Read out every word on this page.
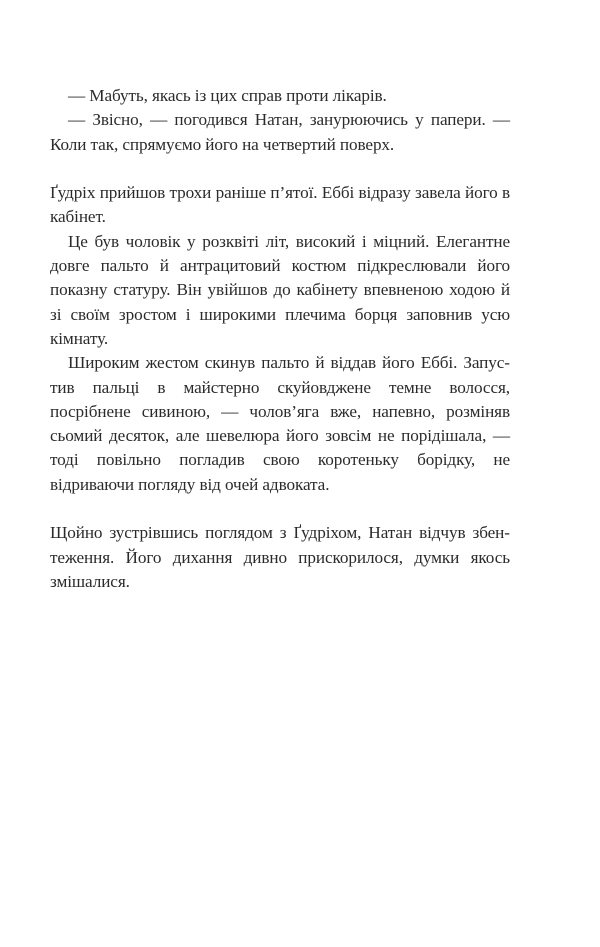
— Мабуть, якась із цих справ проти лікарів.

— Звісно, — погодився Натан, занурюючись у папери. — Коли так, спрямуємо його на четвертий поверх.

Ґудріх прийшов трохи раніше п’ятої. Еббі відразу завела його в кабінет.

Це був чоловік у розквіті літ, високий і міцний. Елегантне довге пальто й антрацитовий костюм підкреслювали його показну статуру. Він увійшов до кабінету впевненою ходою й зі своїм зростом і широкими плечима борця заповнив усю кімнату.

Широким жестом скинув пальто й віддав його Еббі. Запустив пальці в майстерно скуйовджене темне волосся, посрібнене сивиною, — чолов’яга вже, напевно, розміняв сьомий десяток, але шевелюра його зовсім не порідішала, — тоді повільно погладив свою коротеньку борідку, не відриваючи погляду від очей адвоката.

Щойно зустрівшись поглядом з Ґудріхом, Натан відчув збентеження. Його дихання дивно прискорилося, думки якось змішалися.
